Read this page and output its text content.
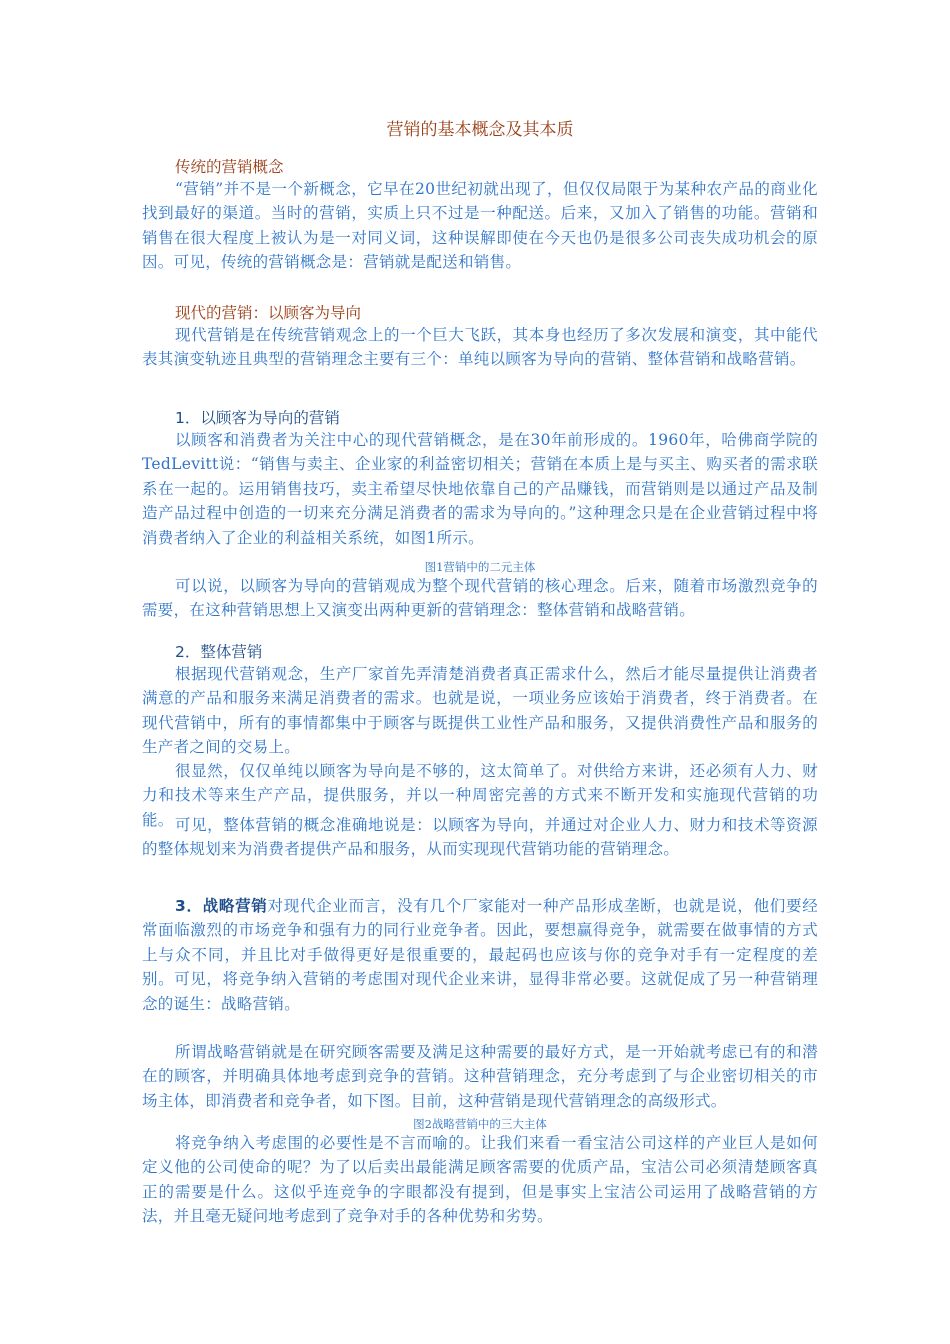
营销的基本概念及其本质
传统的营销概念

“营销”并不是一个新概念，它早在20世纪初就出现了，但仅仅局限于为某种农产品的商业化找到最好的渠道。当时的营销，实质上只不过是一种配送。后来，又加入了销售的功能。营销和销售在很大程度上被认为是一对同义词，这种误解即使在今天也仍是很多公司丧失成功机会的原因。可见，传统的营销概念是：营销就是配送和销售。

现代的营销：以顾客为导向

现代营销是在传统营销观念上的一个巨大飞跃，其本身也经历了多次发展和演变，其中能代表其演变轨迹且典型的营销理念主要有三个：单纯以顾客为导向的营销、整体营销和战略营销。

1．以顾客为导向的营销

以顾客和消费者为关注中心的现代营销概念，是在30年前形成的。1960年，哈佛商学院的TedLevitt说：“销售与卖主、企业家的利益密切相关；营销在本质上是与买主、购买者的需求联系在一起的。运用销售技巧，卖主希望尽快地依靠自己的产品赚钱，而营销则是以通过产品及制造产品过程中创造的一切来充分满足消费者的需求为导向的。”这种理念只是在企业营销过程中将消费者纳入了企业的利益相关系统，如图1所示。

图1营销中的二元主体

可以说，以顾客为导向的营销观成为整个现代营销的核心理念。后来，随着市场激烈竞争的需要，在这种营销思想上又演变出两种更新的营销理念：整体营销和战略营销。

2．整体营销

根据现代营销观念，生产厂家首先弄清楚消费者真正需求什么，然后才能尽量提供让消费者满意的产品和服务来满足消费者的需求。也就是说，一项业务应该始于消费者，终于消费者。在现代营销中，所有的事情都集中于顾客与既提供工业性产品和服务，又提供消费性产品和服务的生产者之间的交易上。

很显然，仅仅单纯以顾客为导向是不够的，这太简单了。对供给方来讲，还必须有人力、财力和技术等来生产产品，提供服务，并以一种周密完善的方式来不断开发和实施现代营销的功能。 可见，整体营销的概念准确地说是：以顾客为导向，并通过对企业人力、财力和技术等资源的整体规划来为消费者提供产品和服务，从而实现现代营销功能的营销理念。

3．战略营销对现代企业而言，没有几个厂家能对一种产品形成垄断，也就是说，他们要经常面临激烈的市场竞争和强有力的同行业竞争者。因此，要想赢得竞争，就需要在做事情的方式上与众不同，并且比对手做得更好是很重要的，最起码也应该与你的竞争对手有一定程度的差别。可见，将竞争纳入营销的考虑围对现代企业来讲，显得非常必要。这就促成了另一种营销理念的诞生：战略营销。

所谓战略营销就是在研究顾客需要及满足这种需要的最好方式，是一开始就考虑已有的和潜在的顾客，并明确具体地考虑到竞争的营销。这种营销理念，充分考虑到了与企业密切相关的市场主体，即消费者和竞争者，如下图。目前，这种营销是现代营销理念的高级形式。

图2战略营销中的三大主体

将竞争纳入考虑围的必要性是不言而喻的。让我们来看一看宝洁公司这样的产业巨人是如何定义他的公司使命的呢？为了以后卖出最能满足顾客需要的优质产品，宝洁公司必须清楚顾客真正的需要是什么。这似乎连竞争的字眼都没有提到，但是事实上宝洁公司运用了战略营销的方法，并且毫无疑问地考虑到了竞争对手的各种优势和劣势。
